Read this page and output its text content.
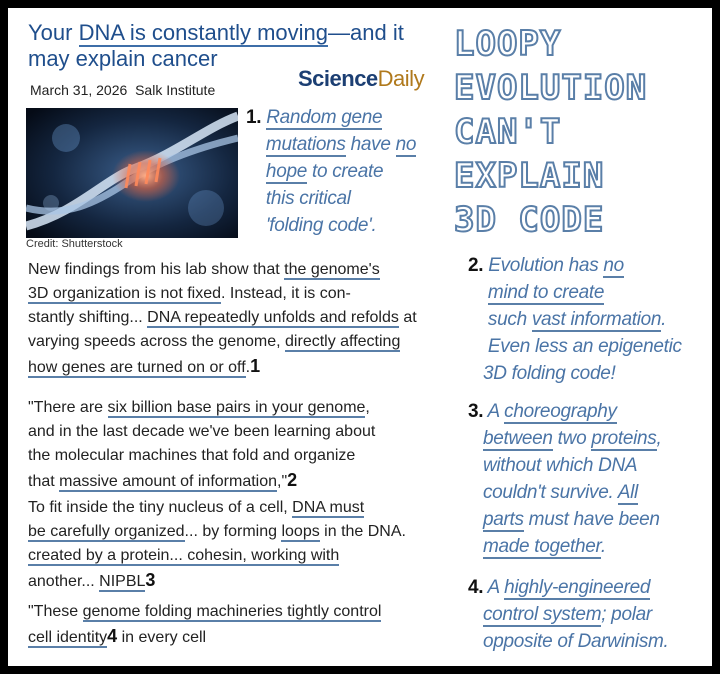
Your DNA is constantly moving—and it may explain cancer
March 31, 2026 Salk Institute	ScienceDaily
Credit: Shutterstock
New findings from his lab show that the genome's
3D organization is not fixed. Instead, it is con-
stantly shifting... DNA repeatedly unfolds and refolds at
varying speeds across the genome, directly affecting
how genes are turned on or off.1
"There are six billion base pairs in your genome,
and in the last decade we've been learning about
the molecular machines that fold and organize
that massive amount of information,"2
To fit inside the tiny nucleus of a cell, DNA must
be carefully organized... by forming loops in the DNA.
created by a protein... cohesin, working with
another... NIPBL3
"These genome folding machineries tightly control
cell identity4 in every cell
LOOPY
EVOLUTION
CAN'T EXPLAIN
3D CODE
1. Random gene
mutations have no
hope to create
this critical
'folding code'.
2. Evolution has no
mind to create
such vast information.
Even less an epigenetic
3D folding code!
3. A choreography
between two proteins,
without which DNA
couldn't survive. All
parts must have been
made together.
4. A highly-engineered
control system; polar
opposite of Darwinism.
